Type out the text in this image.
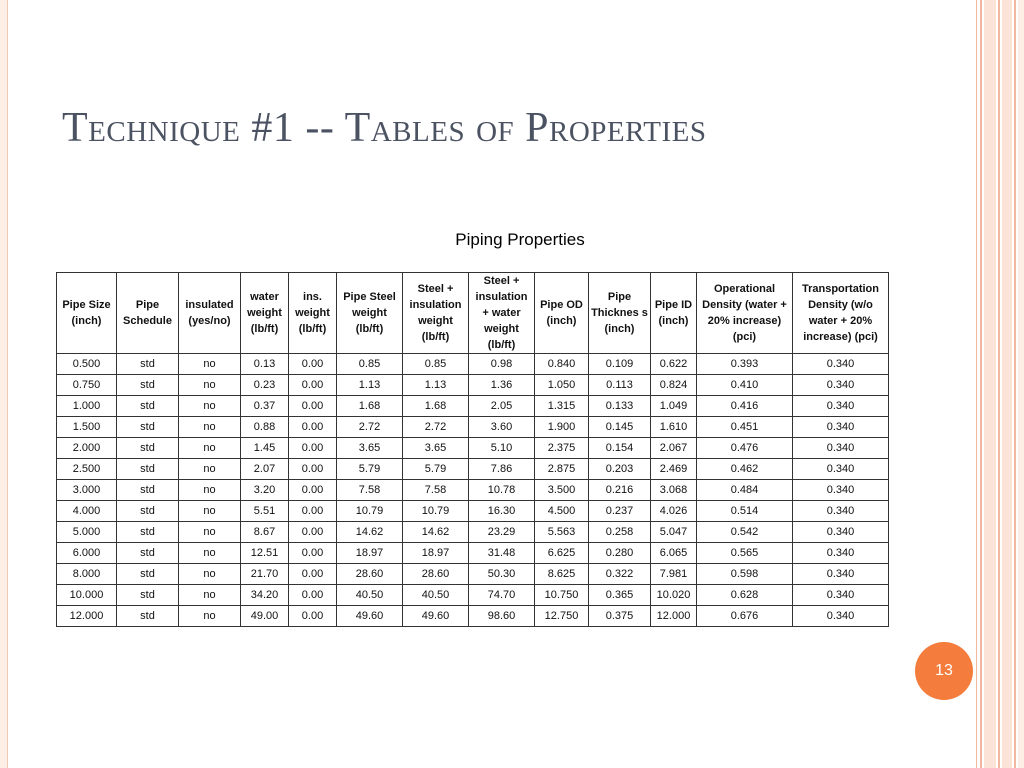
Technique #1 -- Tables of Properties
Piping Properties
Pipe Size (inch)	Pipe Schedule	insulated (yes/no)	water weight (lb/ft)	ins. weight (lb/ft)	Pipe Steel weight (lb/ft)	Steel + insulation weight (lb/ft)	Steel + insulation + water weight (lb/ft)	Pipe OD (inch)	Pipe Thicknes s (inch)	Pipe ID (inch)	Operational Density (water + 20% increase) (pci)	Transportation Density (w/o water + 20% increase) (pci)
0.500	std	no	0.13	0.00	0.85	0.85	0.98	0.840	0.109	0.622	0.393	0.340
0.750	std	no	0.23	0.00	1.13	1.13	1.36	1.050	0.113	0.824	0.410	0.340
1.000	std	no	0.37	0.00	1.68	1.68	2.05	1.315	0.133	1.049	0.416	0.340
1.500	std	no	0.88	0.00	2.72	2.72	3.60	1.900	0.145	1.610	0.451	0.340
2.000	std	no	1.45	0.00	3.65	3.65	5.10	2.375	0.154	2.067	0.476	0.340
2.500	std	no	2.07	0.00	5.79	5.79	7.86	2.875	0.203	2.469	0.462	0.340
3.000	std	no	3.20	0.00	7.58	7.58	10.78	3.500	0.216	3.068	0.484	0.340
4.000	std	no	5.51	0.00	10.79	10.79	16.30	4.500	0.237	4.026	0.514	0.340
5.000	std	no	8.67	0.00	14.62	14.62	23.29	5.563	0.258	5.047	0.542	0.340
6.000	std	no	12.51	0.00	18.97	18.97	31.48	6.625	0.280	6.065	0.565	0.340
8.000	std	no	21.70	0.00	28.60	28.60	50.30	8.625	0.322	7.981	0.598	0.340
10.000	std	no	34.20	0.00	40.50	40.50	74.70	10.750	0.365	10.020	0.628	0.340
12.000	std	no	49.00	0.00	49.60	49.60	98.60	12.750	0.375	12.000	0.676	0.340
13
